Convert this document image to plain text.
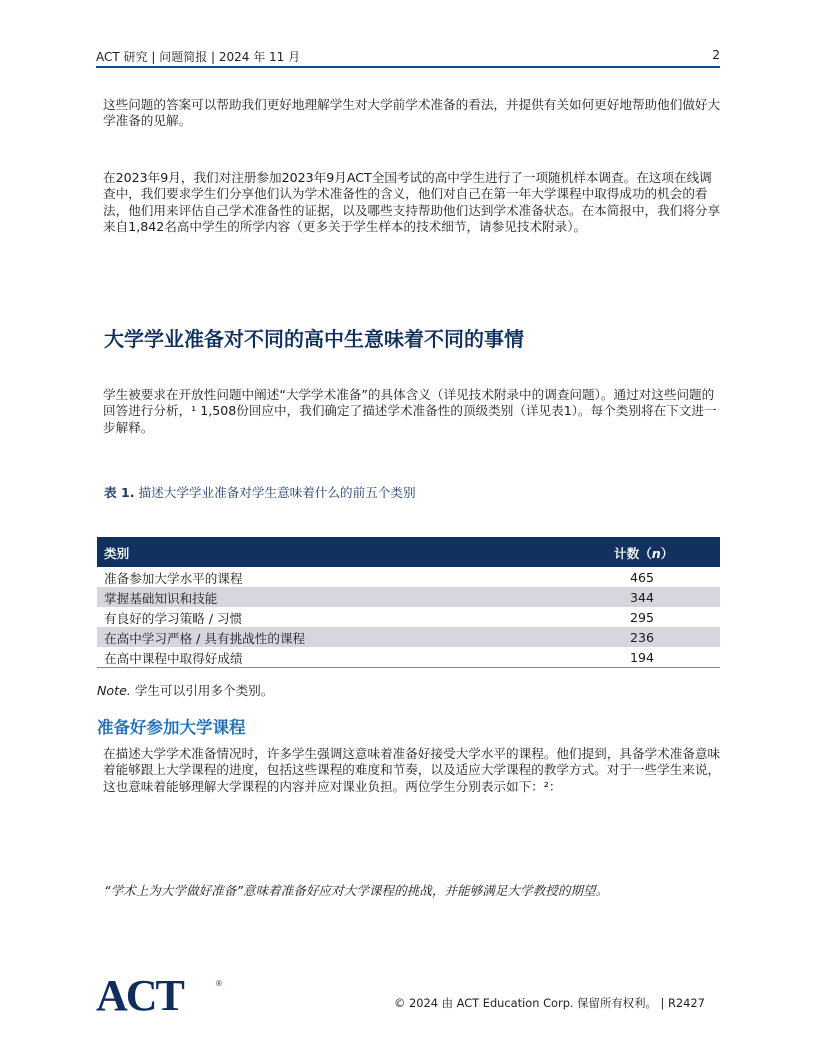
ACT 研究 | 问题简报 | 2024 年 11 月	2
这些问题的答案可以帮助我们更好地理解学生对大学前学术准备的看法，并提供有关如何更好地帮助他们做好大学准备的见解。
在2023年9月，我们对注册参加2023年9月ACT全国考试的高中学生进行了一项随机样本调查。在这项在线调查中，我们要求学生们分享他们认为学术准备性的含义，他们对自己在第一年大学课程中取得成功的机会的看法，他们用来评估自己学术准备性的证据，以及哪些支持帮助他们达到学术准备状态。在本简报中，我们将分享来自1,842名高中学生的所学内容（更多关于学生样本的技术细节，请参见技术附录）。
大学学业准备对不同的高中生意味着不同的事情
学生被要求在开放性问题中阐述“大学学术准备”的具体含义（详见技术附录中的调查问题）。通过对这些问题的回答进行分析，¹ 1,508份回应中，我们确定了描述学术准备性的顶级类别（详见表1）。每个类别将在下文进一步解释。
表 1. 描述大学学业准备对学生意味着什么的前五个类别
类别	计数（n）
准备参加大学水平的课程	465
掌握基础知识和技能	344
有良好的学习策略 / 习惯	295
在高中学习严格 / 具有挑战性的课程	236
在高中课程中取得好成绩	194
Note. 学生可以引用多个类别。
准备好参加大学课程
在描述大学学术准备情况时，许多学生强调这意味着准备好接受大学水平的课程。他们提到，具备学术准备意味着能够跟上大学课程的进度，包括这些课程的难度和节奏，以及适应大学课程的教学方式。对于一些学生来说，这也意味着能够理解大学课程的内容并应对课业负担。两位学生分别表示如下：²：
“学术上为大学做好准备”意味着准备好应对大学课程的挑战，并能够满足大学教授的期望。
ACT	®
© 2024 由 ACT Education Corp. 保留所有权利。 | R2427
